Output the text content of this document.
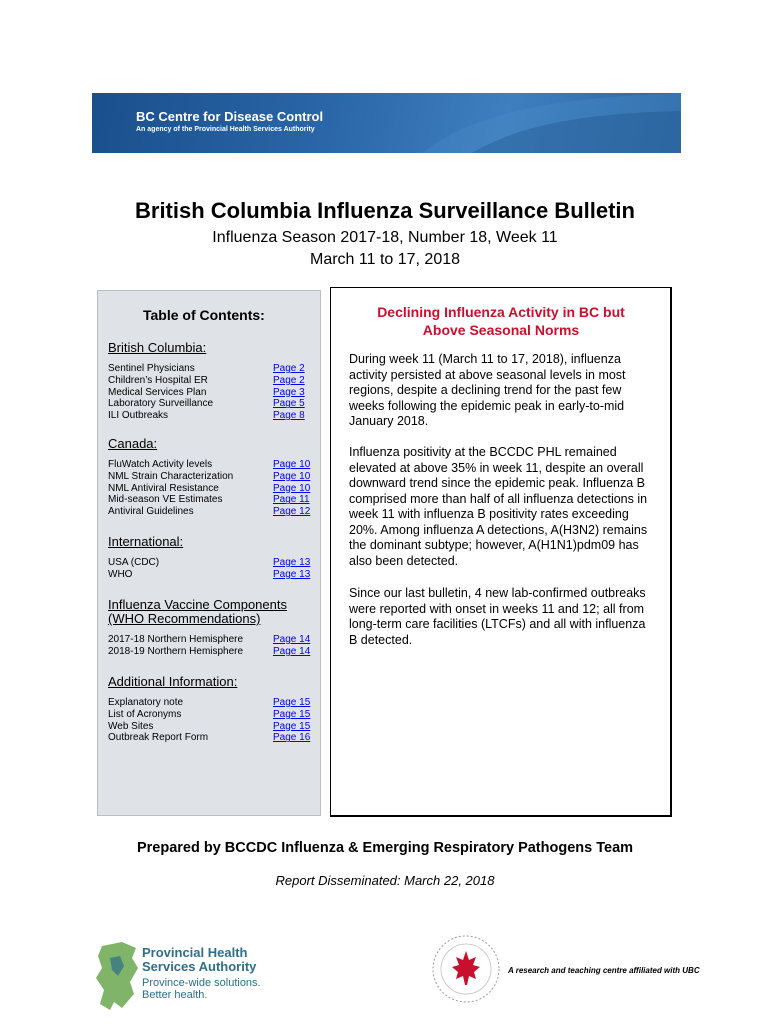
BC Centre for Disease Control
An agency of the Provincial Health Services Authority
British Columbia Influenza Surveillance Bulletin
Influenza Season 2017-18, Number 18, Week 11
March 11 to 17, 2018
Table of Contents:
British Columbia:
Sentinel Physicians	Page 2
Children’s Hospital ER	Page 2
Medical Services Plan	Page 3
Laboratory Surveillance	Page 5
ILI Outbreaks	Page 8
Canada:
FluWatch Activity levels	Page 10
NML Strain Characterization	Page 10
NML Antiviral Resistance	Page 10
Mid-season VE Estimates	Page 11
Antiviral Guidelines	Page 12
International:
USA (CDC)	Page 13
WHO	Page 13
Influenza Vaccine Components
(WHO Recommendations)
2017-18 Northern Hemisphere	Page 14
2018-19 Northern Hemisphere	Page 14
Additional Information:
Explanatory note	Page 15
List of Acronyms	Page 15
Web Sites	Page 15
Outbreak Report Form	Page 16
Declining Influenza Activity in BC but
Above Seasonal Norms
During week 11 (March 11 to 17, 2018), influenza activity persisted at above seasonal levels in most regions, despite a declining trend for the past few weeks following the epidemic peak in early-to-mid January 2018.
Influenza positivity at the BCCDC PHL remained elevated at above 35% in week 11, despite an overall downward trend since the epidemic peak. Influenza B comprised more than half of all influenza detections in week 11 with influenza B positivity rates exceeding 20%. Among influenza A detections, A(H3N2) remains the dominant subtype; however, A(H1N1)pdm09 has also been detected.
Since our last bulletin, 4 new lab-confirmed outbreaks were reported with onset in weeks 11 and 12; all from long-term care facilities (LTCFs) and all with influenza B detected.
Prepared by BCCDC Influenza & Emerging Respiratory Pathogens Team
Report Disseminated: March 22, 2018
Provincial Health
Services Authority
Province-wide solutions.
Better health.
A research and teaching centre affiliated with UBC
